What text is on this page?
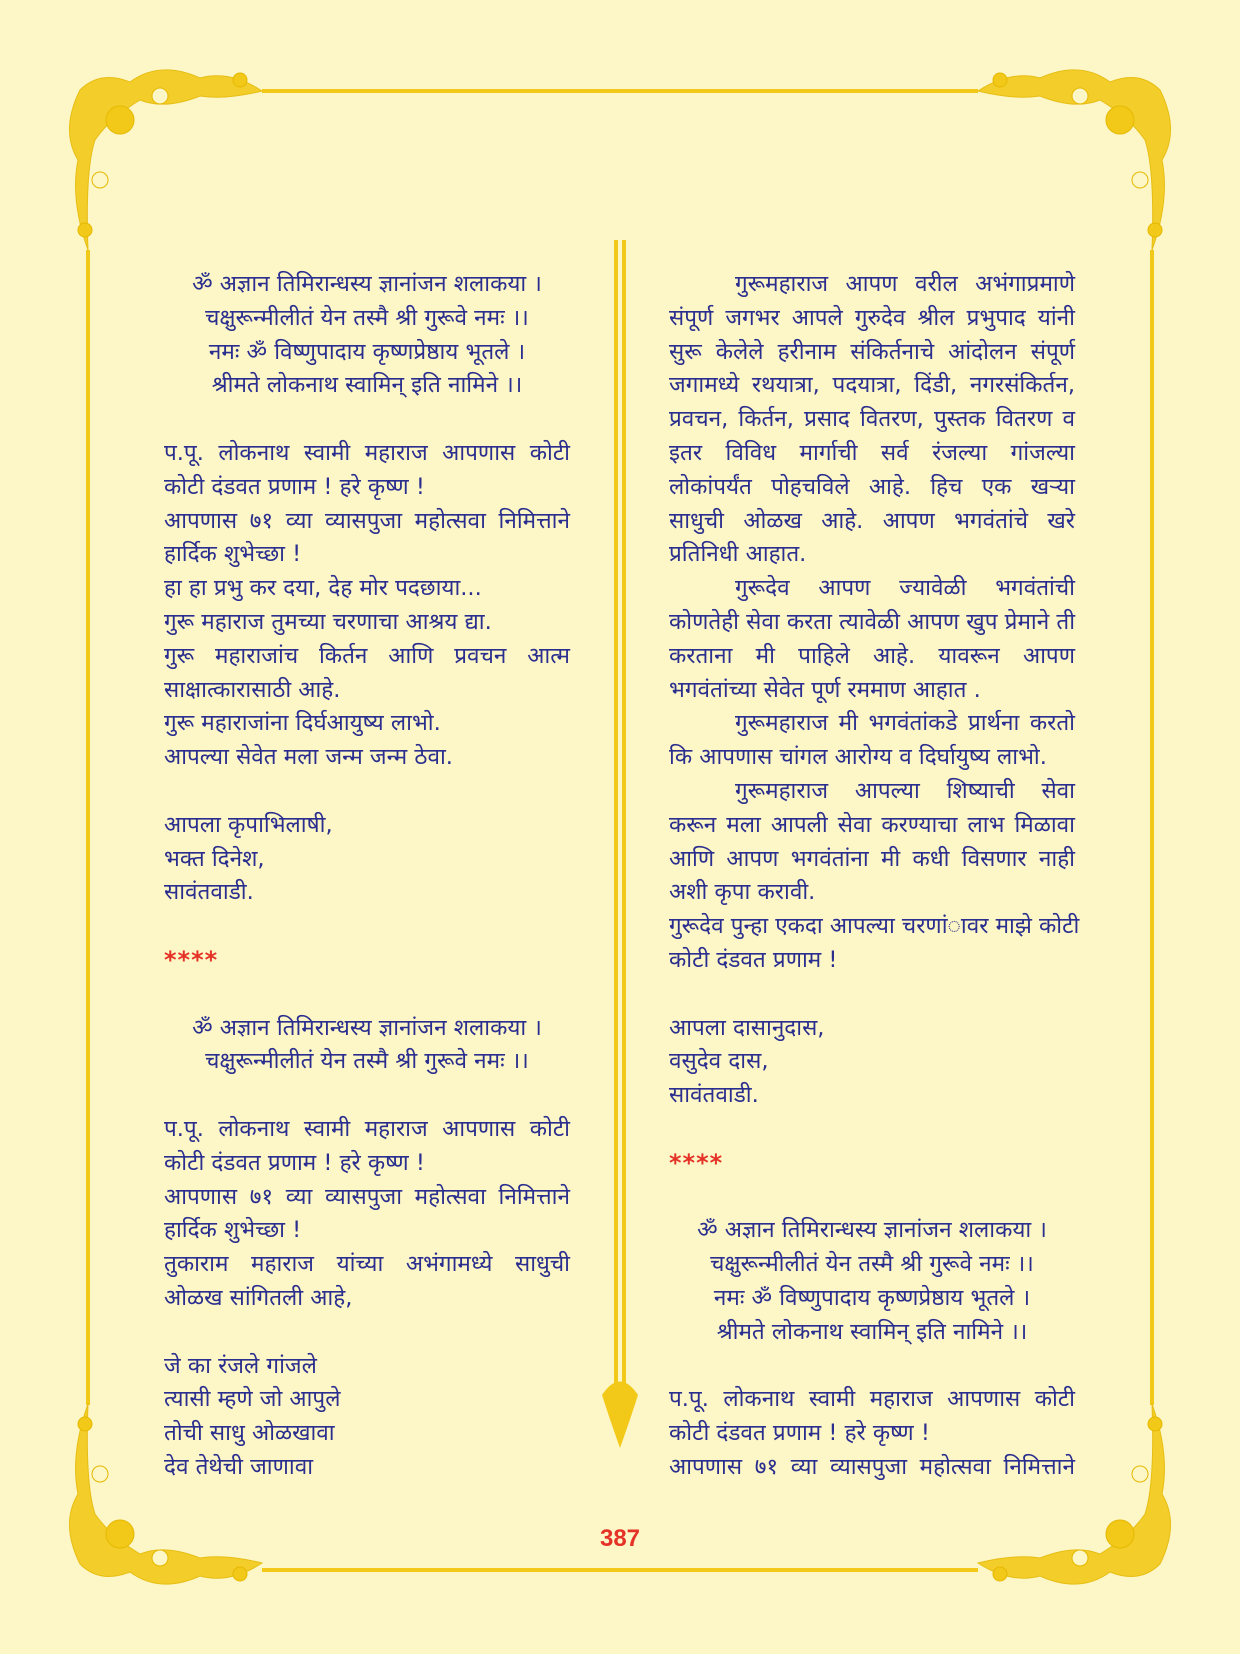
ॐ अज्ञान तिमिरान्धस्य ज्ञानांजन शलाकया ।
चक्षुरून्मीलीतं येन तस्मै श्री गुरूवे नमः ।।
नमः ॐ विष्णुपादाय कृष्णप्रेष्ठाय भूतले ।
श्रीमते लोकनाथ स्वामिन् इति नामिने ।।
प.पू. लोकनाथ स्वामी महाराज आपणास कोटी
कोटी दंडवत प्रणाम ! हरे कृष्ण !
आपणास ७१ व्या व्यासपुजा महोत्सवा निमित्ताने
हार्दिक शुभेच्छा !
हा हा प्रभु कर दया, देह मोर पदछाया...
गुरू महाराज तुमच्या चरणाचा आश्रय द्या.
गुरू महाराजांच किर्तन आणि प्रवचन आत्म
साक्षात्कारासाठी आहे.
गुरू महाराजांना दिर्घआयुष्य लाभो.
आपल्या सेवेत मला जन्म जन्म ठेवा.
आपला कृपाभिलाषी,
भक्त दिनेश,
सावंतवाडी.
****
ॐ अज्ञान तिमिरान्धस्य ज्ञानांजन शलाकया ।
चक्षुरून्मीलीतं येन तस्मै श्री गुरूवे नमः ।।
प.पू. लोकनाथ स्वामी महाराज आपणास कोटी
कोटी दंडवत प्रणाम ! हरे कृष्ण !
आपणास ७१ व्या व्यासपुजा महोत्सवा निमित्ताने
हार्दिक शुभेच्छा !
तुकाराम महाराज यांच्या अभंगामध्ये साधुची
ओळख सांगितली आहे,
जे का रंजले गांजले
त्यासी म्हणे जो आपुले
तोची साधु ओळखावा
देव तेथेची जाणावा
गुरूमहाराज आपण वरील अभंगाप्रमाणे
संपूर्ण जगभर आपले गुरुदेव श्रील प्रभुपाद यांनी
सुरू केलेले हरीनाम संकिर्तनाचे आंदोलन संपूर्ण
जगामध्ये रथयात्रा, पदयात्रा, दिंडी, नगरसंकिर्तन,
प्रवचन, किर्तन, प्रसाद वितरण, पुस्तक वितरण व
इतर विविध मार्गाची सर्व रंजल्या गांजल्या
लोकांपर्यंत पोहचविले आहे. हिच एक खऱ्या
साधुची ओळख आहे. आपण भगवंतांचे खरे
प्रतिनिधी आहात.
गुरूदेव आपण ज्यावेळी भगवंतांची
कोणतेही सेवा करता त्यावेळी आपण खुप प्रेमाने ती
करताना मी पाहिले आहे. यावरून आपण
भगवंतांच्या सेवेत पूर्ण रममाण आहात .
गुरूमहाराज मी भगवंतांकडे प्रार्थना करतो
कि आपणास चांगल आरोग्य व दिर्घायुष्य लाभो.
गुरूमहाराज आपल्या शिष्याची सेवा
करून मला आपली सेवा करण्याचा लाभ मिळावा
आणि आपण भगवंतांना मी कधी विसणार नाही
अशी कृपा करावी.
गुरूदेव पुन्हा एकदा आपल्या चरणांावर माझे कोटी
कोटी दंडवत प्रणाम !
आपला दासानुदास,
वसुदेव दास,
सावंतवाडी.
****
ॐ अज्ञान तिमिरान्धस्य ज्ञानांजन शलाकया ।
चक्षुरून्मीलीतं येन तस्मै श्री गुरूवे नमः ।।
नमः ॐ विष्णुपादाय कृष्णप्रेष्ठाय भूतले ।
श्रीमते लोकनाथ स्वामिन् इति नामिने ।।
प.पू. लोकनाथ स्वामी महाराज आपणास कोटी
कोटी दंडवत प्रणाम ! हरे कृष्ण !
आपणास ७१ व्या व्यासपुजा महोत्सवा निमित्ताने
387
